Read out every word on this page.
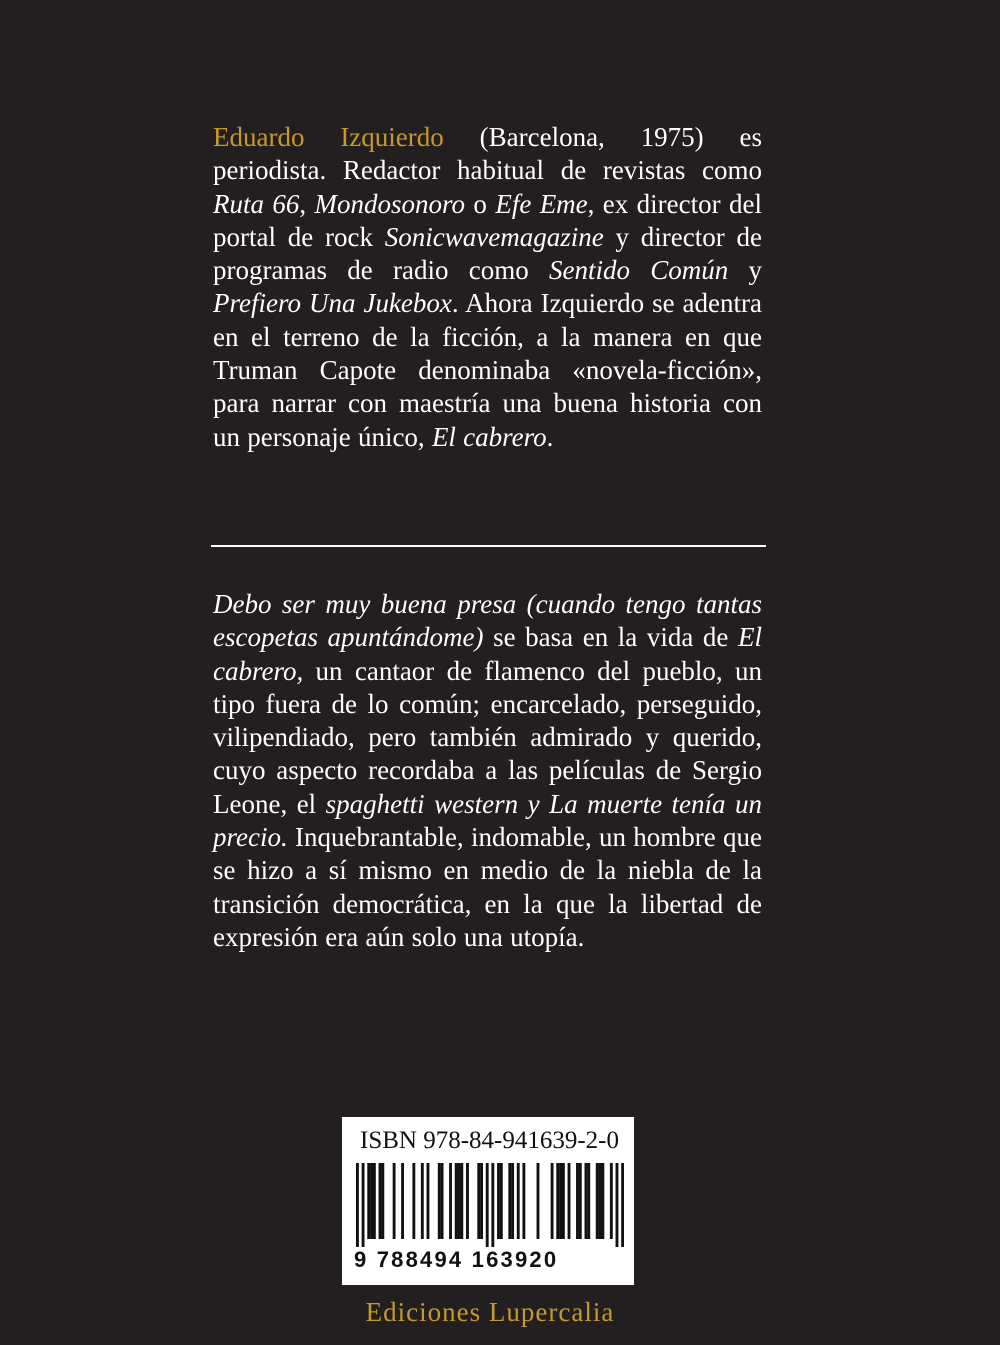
Eduardo Izquierdo (Barcelona, 1975) es periodista. Redactor habitual de revistas como Ruta 66, Mondosonoro o Efe Eme, ex director del portal de rock Sonicwavemagazine y director de programas de radio como Sentido Común y Prefiero Una Jukebox. Ahora Izquierdo se adentra en el terreno de la ficción, a la manera en que Truman Capote denominaba «novela-ficción», para narrar con maestría una buena historia con un personaje único, El cabrero.

Debo ser muy buena presa (cuando tengo tantas escopetas apuntándome) se basa en la vida de El cabrero, un cantaor de flamenco del pueblo, un tipo fuera de lo común; encarcelado, perseguido, vilipendiado, pero también admirado y querido, cuyo aspecto recordaba a las películas de Sergio Leone, el spaghetti western y La muerte tenía un precio. Inquebrantable, indomable, un hombre que se hizo a sí mismo en medio de la niebla de la transición democrática, en la que la libertad de expresión era aún solo una utopía.

ISBN 978-84-941639-2-0
9 788494 163920
Ediciones Lupercalia
